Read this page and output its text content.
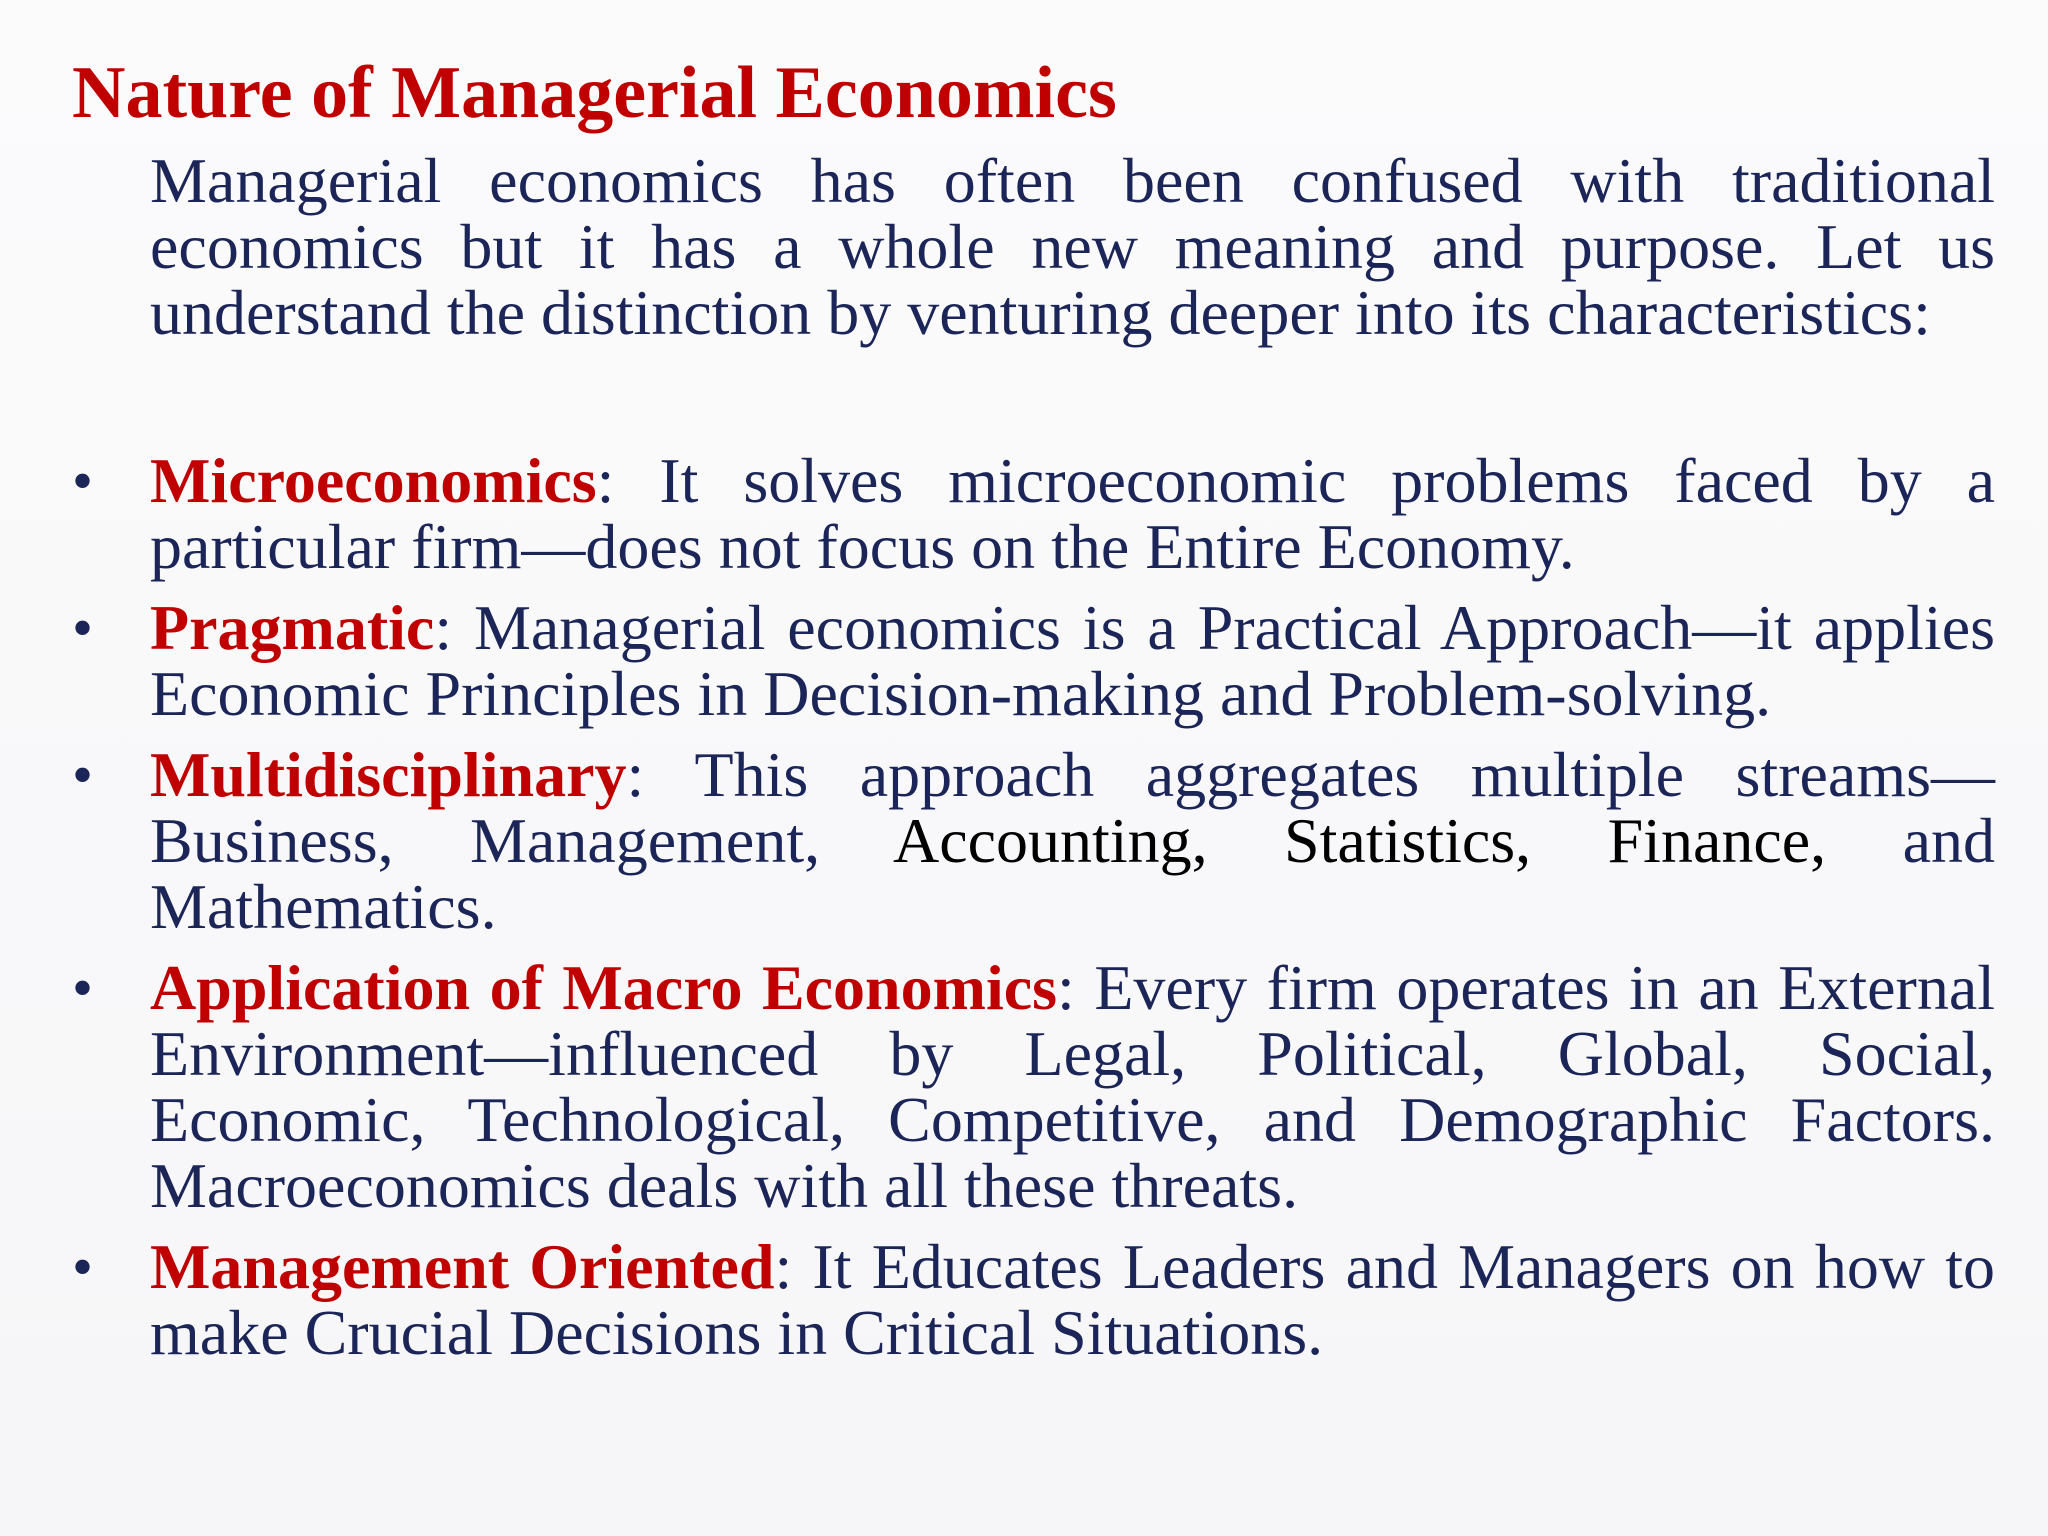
Nature of Managerial Economics
Managerial economics has often been confused with traditional economics but it has a whole new meaning and purpose. Let us understand the distinction by venturing deeper into its characteristics:
• Microeconomics: It solves microeconomic problems faced by a particular firm—does not focus on the Entire Economy.
• Pragmatic: Managerial economics is a Practical Approach—it applies Economic Principles in Decision-making and Problem-solving.
• Multidisciplinary: This approach aggregates multiple streams—Business, Management, Accounting, Statistics, Finance, and Mathematics.
• Application of Macro Economics: Every firm operates in an External Environment—influenced by Legal, Political, Global, Social, Economic, Technological, Competitive, and Demographic Factors. Macroeconomics deals with all these threats.
• Management Oriented: It Educates Leaders and Managers on how to make Crucial Decisions in Critical Situations.
